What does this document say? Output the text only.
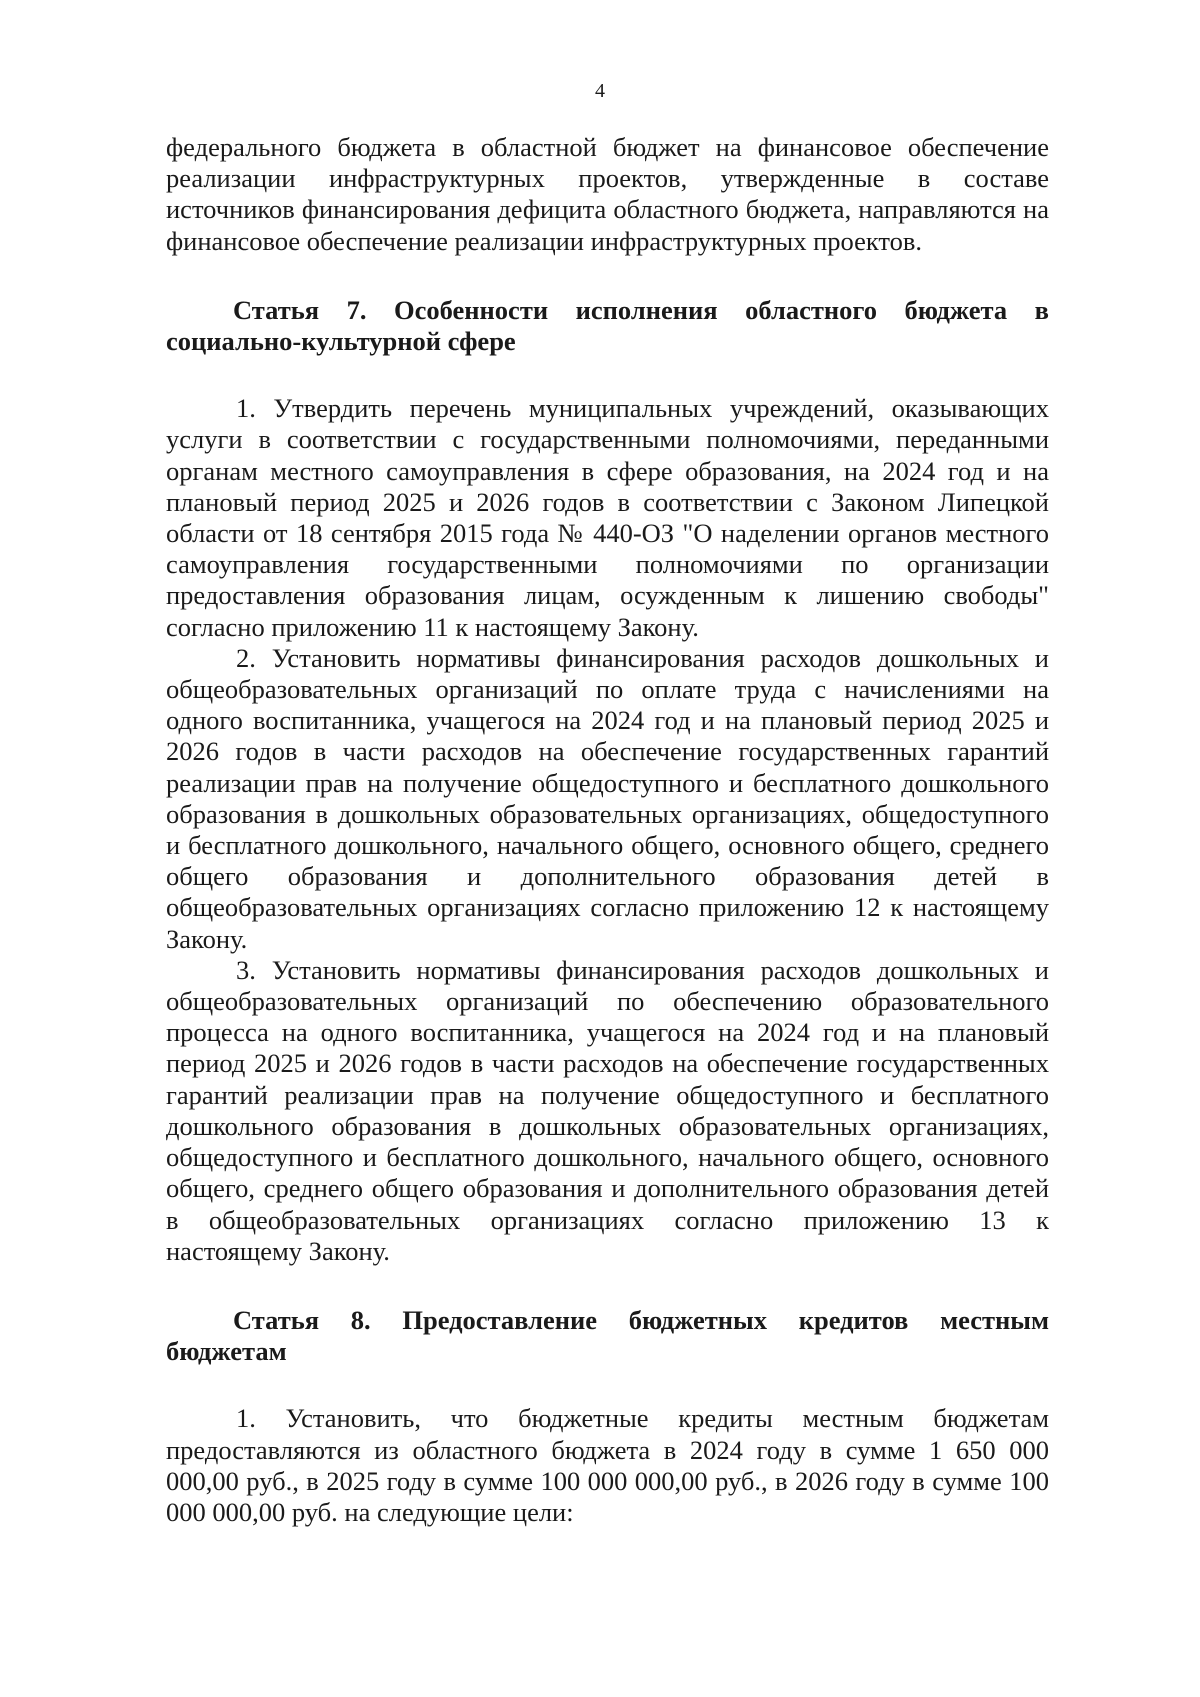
4

федерального бюджета в областной бюджет на финансовое обеспечение реализации инфраструктурных проектов, утвержденные в составе источников финансирования дефицита областного бюджета, направляются на финансовое обеспечение реализации инфраструктурных проектов.

Статья 7. Особенности исполнения областного бюджета в социально-культурной сфере

1. Утвердить перечень муниципальных учреждений, оказывающих услуги в соответствии с государственными полномочиями, переданными органам местного самоуправления в сфере образования, на 2024 год и на плановый период 2025 и 2026 годов в соответствии с Законом Липецкой области от 18 сентября 2015 года № 440-ОЗ "О наделении органов местного самоуправления государственными полномочиями по организации предоставления образования лицам, осужденным к лишению свободы" согласно приложению 11 к настоящему Закону.

2. Установить нормативы финансирования расходов дошкольных и общеобразовательных организаций по оплате труда с начислениями на одного воспитанника, учащегося на 2024 год и на плановый период 2025 и 2026 годов в части расходов на обеспечение государственных гарантий реализации прав на получение общедоступного и бесплатного дошкольного образования в дошкольных образовательных организациях, общедоступного и бесплатного дошкольного, начального общего, основного общего, среднего общего образования и дополнительного образования детей в общеобразовательных организациях согласно приложению 12 к настоящему Закону.

3. Установить нормативы финансирования расходов дошкольных и общеобразовательных организаций по обеспечению образовательного процесса на одного воспитанника, учащегося на 2024 год и на плановый период 2025 и 2026 годов в части расходов на обеспечение государственных гарантий реализации прав на получение общедоступного и бесплатного дошкольного образования в дошкольных образовательных организациях, общедоступного и бесплатного дошкольного, начального общего, основного общего, среднего общего образования и дополнительного образования детей в общеобразовательных организациях согласно приложению 13 к настоящему Закону.

Статья 8. Предоставление бюджетных кредитов местным бюджетам

1. Установить, что бюджетные кредиты местным бюджетам предоставляются из областного бюджета в 2024 году в сумме 1 650 000 000,00 руб., в 2025 году в сумме 100 000 000,00 руб., в 2026 году в сумме 100 000 000,00 руб. на следующие цели:
